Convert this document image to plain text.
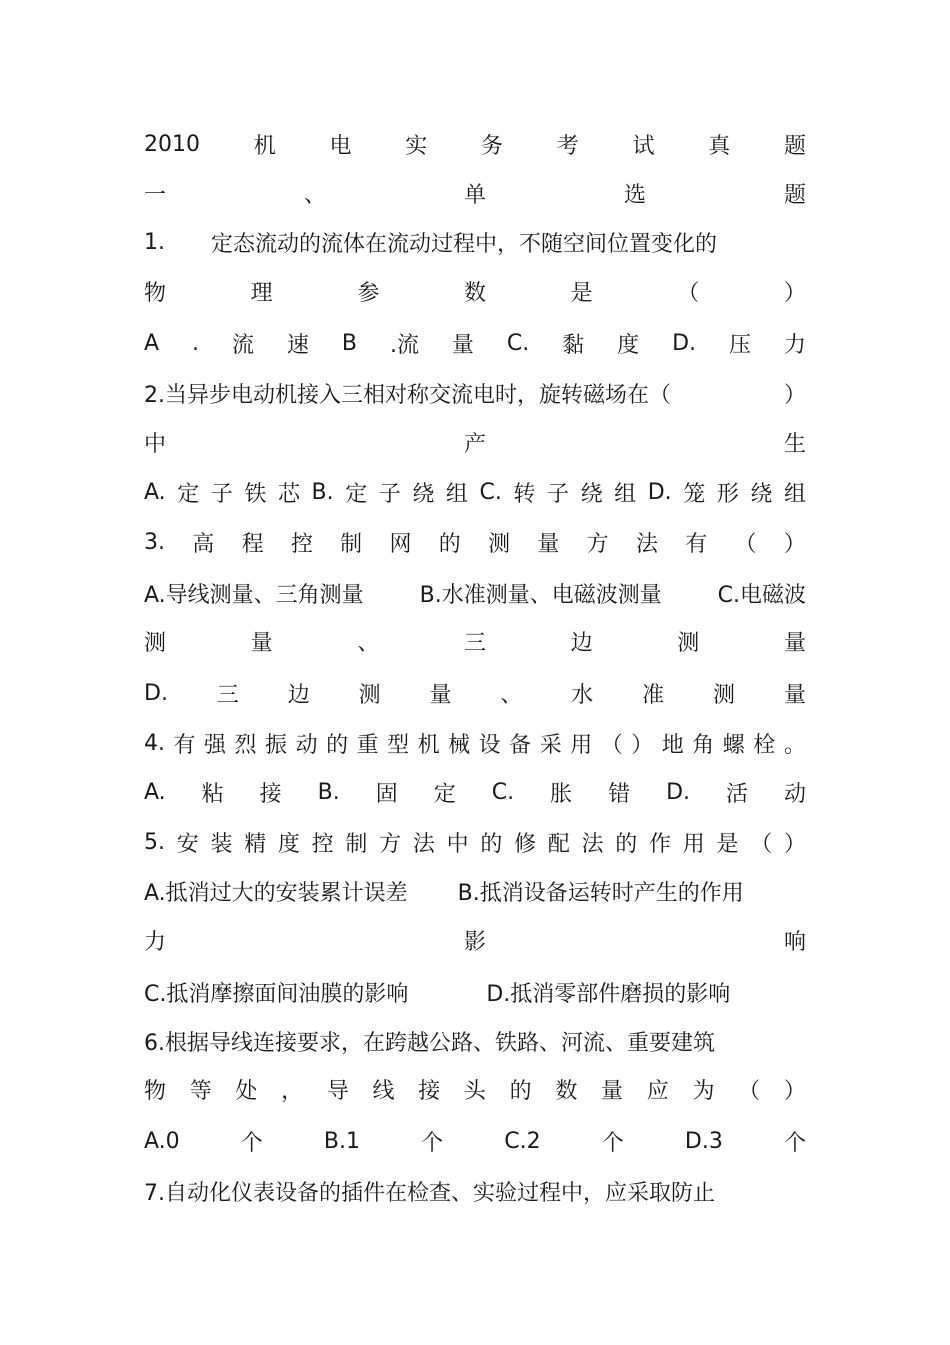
2010 机 电 实 务 考 试 真 题
一	、	单	选	题
1. 定态流动的流体在流动过程中，不随空间位置变化的
物	理	参	数	是	（	）
A . 流 速 B .流 量 C. 黏 度 D. 压 力
2.当异步电动机接入三相对称交流电时，旋转磁场在（	）
中	产	生
A. 定 子 铁 芯 B. 定 子 绕 组 C. 转 子 绕 组 D. 笼 形 绕 组
3. 高 程 控 制 网 的 测 量 方 法 有 （ ）
A.导线测量、三角测量	B.水准测量、电磁波测量	C.电磁波
测	量	、	三	边	测	量
D. 三 边 测 量 、 水 准 测 量
4. 有 强 烈 振 动 的 重 型 机 械 设 备 采 用 （ ） 地 角 螺 栓 。
A. 粘 接 B. 固 定 C. 胀 错 D. 活 动
5. 安 装 精 度 控 制 方 法 中 的 修 配 法 的 作 用 是 （ ）
A.抵消过大的安装累计误差 B.抵消设备运转时产生的作用
力	影	响
C.抵消摩擦面间油膜的影响	D.抵消零部件磨损的影响
6.根据导线连接要求，在跨越公路、铁路、河流、重要建筑
物 等 处 ， 导 线 接 头 的 数 量 应 为 （ ）
A.0	个	B.1	个	C.2	个	D.3	个
7.自动化仪表设备的插件在检查、实验过程中，应采取防止
